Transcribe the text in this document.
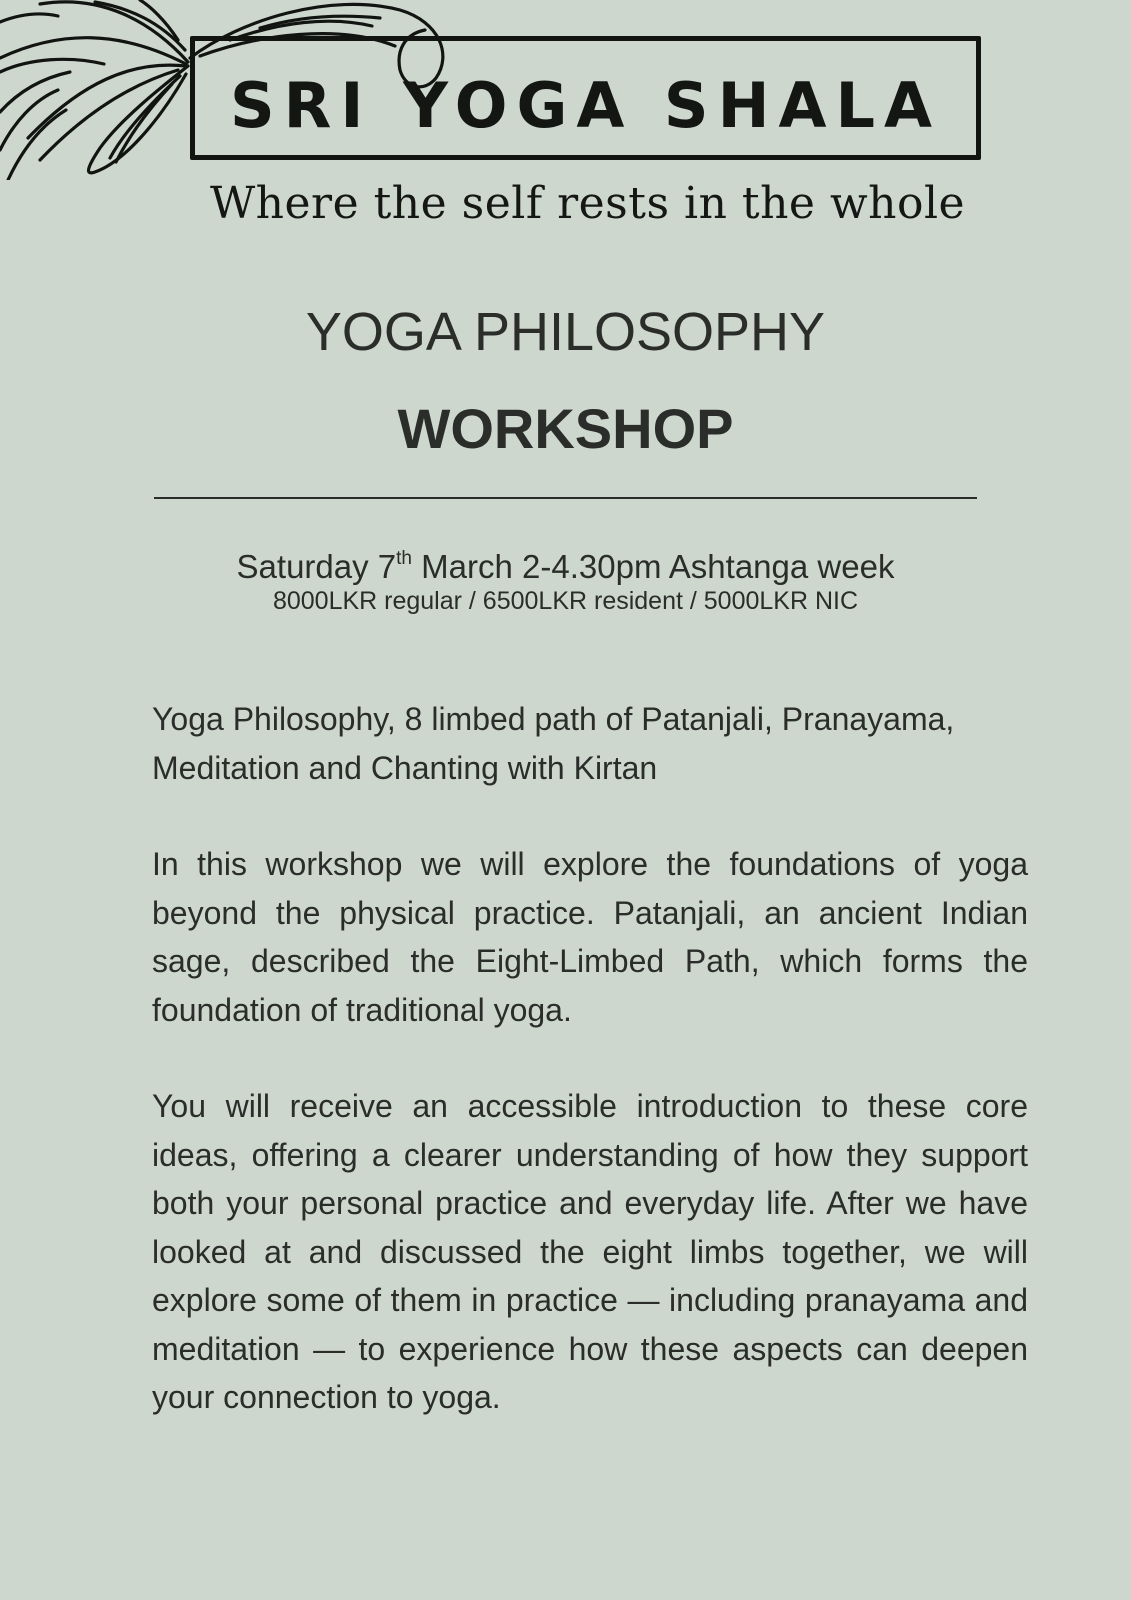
SRI YOGA SHALA
Where the self rests in the whole
YOGA PHILOSOPHY
WORKSHOP
Saturday 7th March 2-4.30pm Ashtanga week
8000LKR regular / 6500LKR resident / 5000LKR NIC

Yoga Philosophy, 8 limbed path of Patanjali, Pranayama, Meditation and Chanting with Kirtan

In this workshop we will explore the foundations of yoga beyond the physical practice. Patanjali, an ancient Indian sage, described the Eight-Limbed Path, which forms the foundation of traditional yoga.

You will receive an accessible introduction to these core ideas, offering a clearer understanding of how they support both your personal practice and everyday life. After we have looked at and discussed the eight limbs together, we will explore some of them in practice — including pranayama and meditation — to experience how these aspects can deepen your connection to yoga.
